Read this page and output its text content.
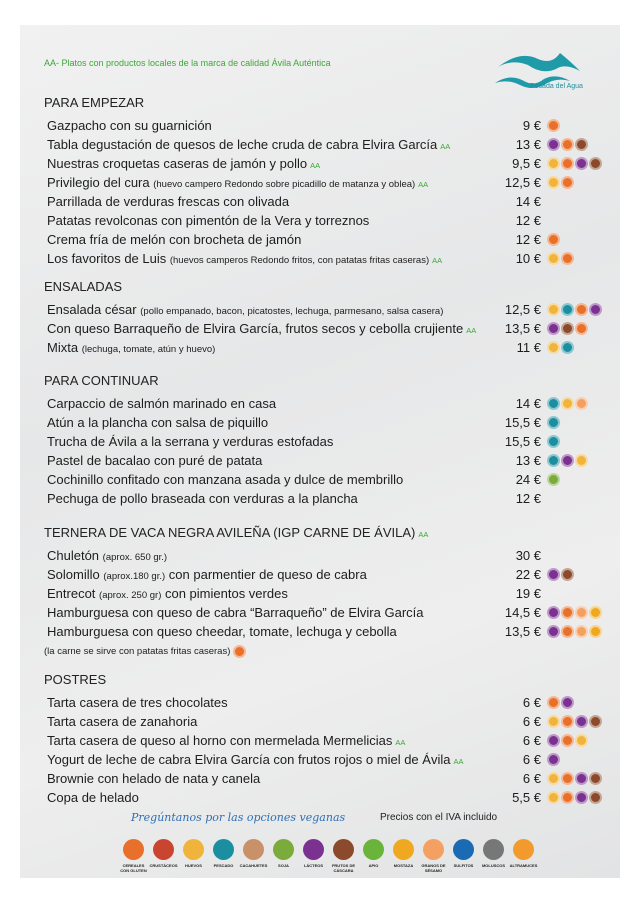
AA- Platos con productos locales de la marca de calidad Ávila Auténtica
Posada del Agua
PARA EMPEZAR
Gazpacho con su guarnición	9 €
Tabla degustación de quesos de leche cruda de cabra Elvira García AA	13 €
Nuestras croquetas caseras de jamón y pollo AA	9,5 €
Privilegio del cura (huevo campero Redondo sobre picadillo de matanza y oblea) AA	12,5 €
Parrillada de verduras frescas con olivada	14 €
Patatas revolconas con pimentón de la Vera y torreznos	12 €
Crema fría de melón con brocheta de jamón	12 €
Los favoritos de Luis (huevos camperos Redondo fritos, con patatas fritas caseras) AA	10 €
ENSALADAS
Ensalada césar (pollo empanado, bacon, picatostes, lechuga, parmesano, salsa casera)	12,5 €
Con queso Barraqueño de Elvira García, frutos secos y cebolla crujiente AA 13,5 €
Mixta (lechuga, tomate, atún y huevo)	11 €
PARA CONTINUAR
Carpaccio de salmón marinado en casa	14 €
Atún a la plancha con salsa de piquillo	15,5 €
Trucha de Ávila a la serrana y verduras estofadas	15,5 €
Pastel de bacalao con puré de patata	13 €
Cochinillo confitado con manzana asada y dulce de membrillo	24 €
Pechuga de pollo braseada con verduras a la plancha	12 €
TERNERA DE VACA NEGRA AVILEÑA (IGP CARNE DE ÁVILA) AA
Chuletón (aprox. 650 gr.)	30 €
Solomillo (aprox.180 gr.) con parmentier de queso de cabra	22 €
Entrecot (aprox. 250 gr) con pimientos verdes	19 €
Hamburguesa con queso de cabra “Barraqueño” de Elvira García	14,5 €
Hamburguesa con queso cheedar, tomate, lechuga y cebolla	13,5 €
POSTRES
Tarta casera de tres chocolates	6 €
Tarta casera de zanahoria	6 €
Tarta casera de queso al horno con mermelada Mermelicias AA	6 €
Yogurt de leche de cabra Elvira García con frutos rojos o miel de Ávila AA	6 €
Brownie con helado de nata y canela	6 €
Copa de helado	5,5 €
(la carne se sirve con patatas fritas caseras)
Pregúntanos por las opciones veganas	Precios con el IVA incluido
CEREALES CON GLUTEN
CRUSTÁCEOS HUEVOS	PESCADO CACAHUETES	SOJA	LÁCTEOS	FRUTOS DE CÁSCARA
APIO	MOSTAZA	GRANOS DE SÉSAMO
SULFITOS MOLUSCOS ALTRAMUCES
